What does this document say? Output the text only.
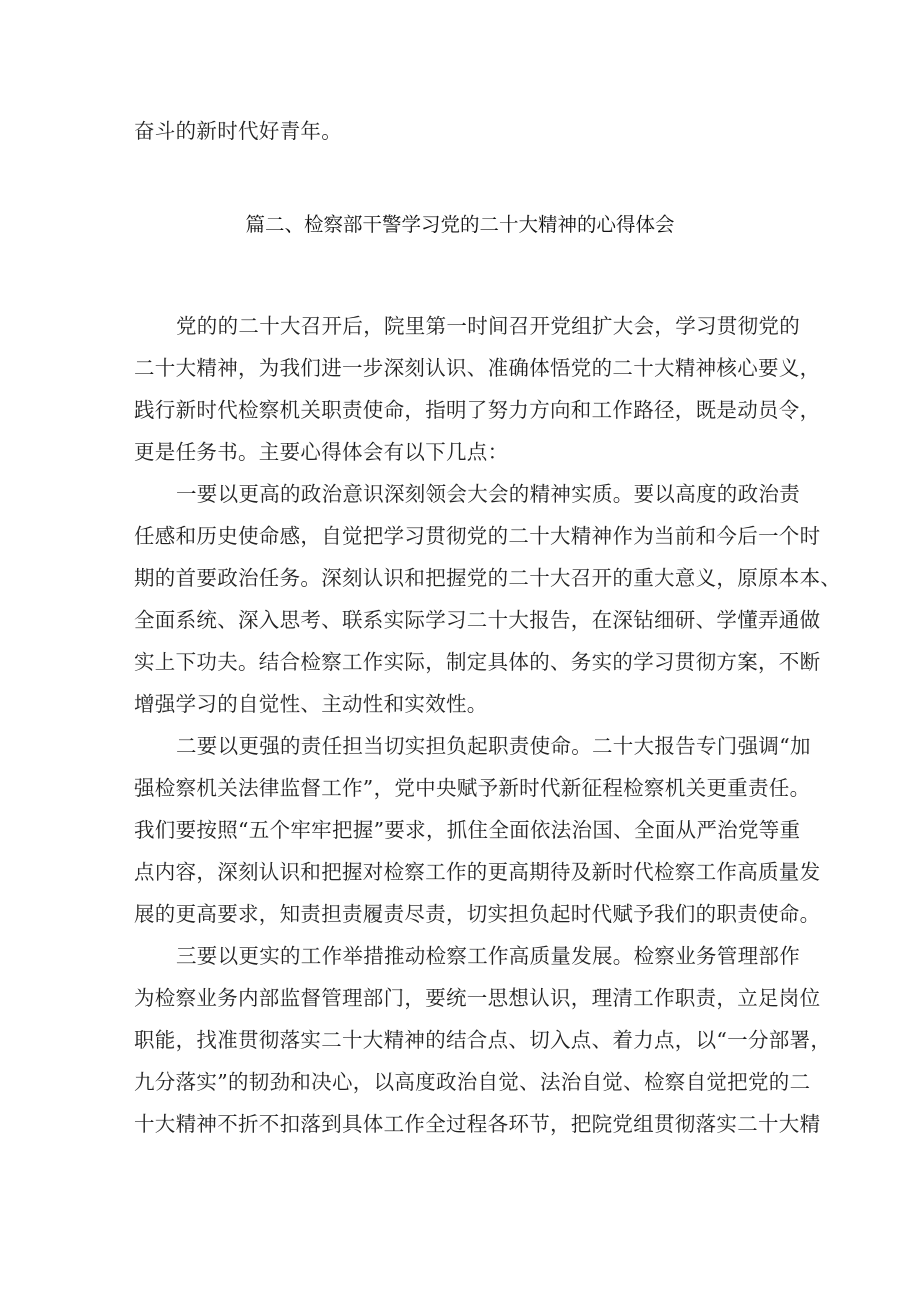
奋斗的新时代好青年。
篇二、检察部干警学习党的二十大精神的心得体会
党的的二十大召开后，院里第一时间召开党组扩大会，学习贯彻党的
二十大精神，为我们进一步深刻认识、准确体悟党的二十大精神核心要义，
践行新时代检察机关职责使命，指明了努力方向和工作路径，既是动员令，
更是任务书。主要心得体会有以下几点：
一要以更高的政治意识深刻领会大会的精神实质。要以高度的政治责
任感和历史使命感，自觉把学习贯彻党的二十大精神作为当前和今后一个时
期的首要政治任务。深刻认识和把握党的二十大召开的重大意义，原原本本、
全面系统、深入思考、联系实际学习二十大报告，在深钻细研、学懂弄通做
实上下功夫。结合检察工作实际，制定具体的、务实的学习贯彻方案，不断
增强学习的自觉性、主动性和实效性。
二要以更强的责任担当切实担负起职责使命。二十大报告专门强调“加
强检察机关法律监督工作”，党中央赋予新时代新征程检察机关更重责任。
我们要按照“五个牢牢把握”要求，抓住全面依法治国、全面从严治党等重
点内容，深刻认识和把握对检察工作的更高期待及新时代检察工作高质量发
展的更高要求，知责担责履责尽责，切实担负起时代赋予我们的职责使命。
三要以更实的工作举措推动检察工作高质量发展。检察业务管理部作
为检察业务内部监督管理部门，要统一思想认识，理清工作职责，立足岗位
职能，找准贯彻落实二十大精神的结合点、切入点、着力点，以“一分部署，
九分落实”的韧劲和决心，以高度政治自觉、法治自觉、检察自觉把党的二
十大精神不折不扣落到具体工作全过程各环节，把院党组贯彻落实二十大精
